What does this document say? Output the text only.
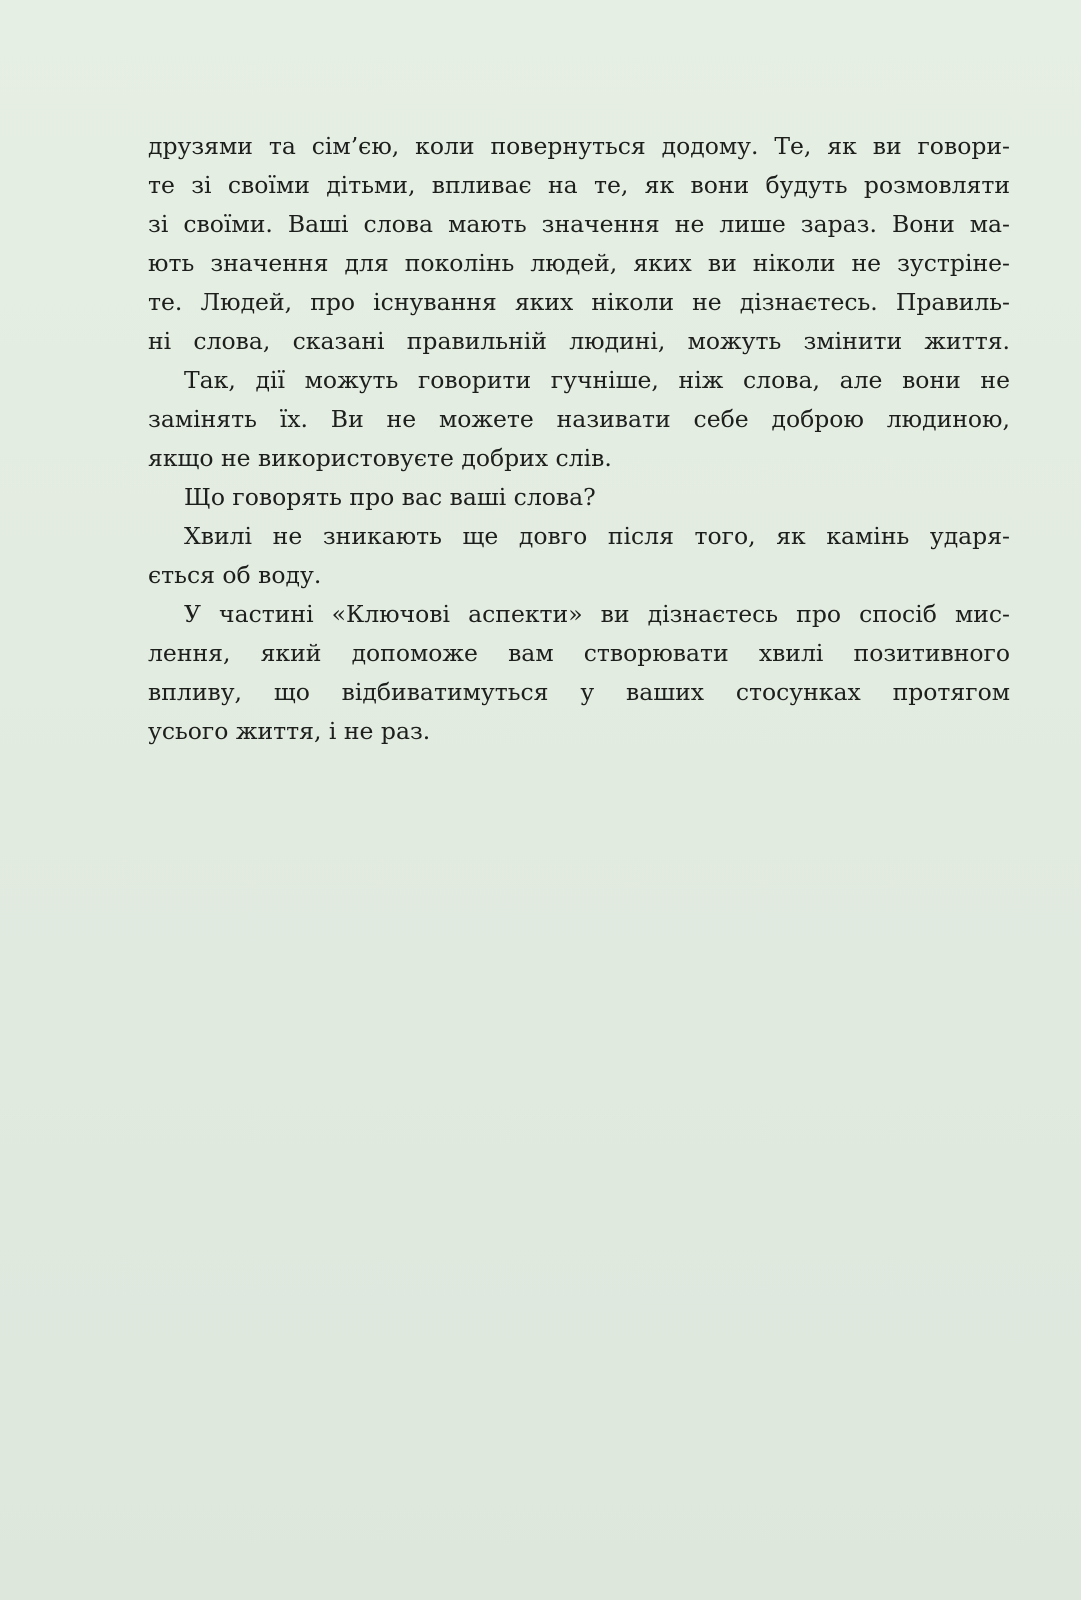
друзями та сім’єю, коли повернуться додому. Те, як ви говори-
те зі своїми дітьми, впливає на те, як вони будуть розмовляти
зі своїми. Ваші слова мають значення не лише зараз. Вони ма-
ють значення для поколінь людей, яких ви ніколи не зустріне-
те. Людей, про існування яких ніколи не дізнаєтесь. Правиль-
ні слова, сказані правильній людині, можуть змінити життя.
Так, дії можуть говорити гучніше, ніж слова, але вони не
замінять їх. Ви не можете називати себе доброю людиною,
якщо не використовуєте добрих слів.
Що говорять про вас ваші слова?
Хвилі не зникають ще довго після того, як камінь ударя-
ється об воду.
У частині «Ключові аспекти» ви дізнаєтесь про спосіб мис-
лення, який допоможе вам створювати хвилі позитивного
впливу, що відбиватимуться у ваших стосунках протягом
усього життя, і не раз.
